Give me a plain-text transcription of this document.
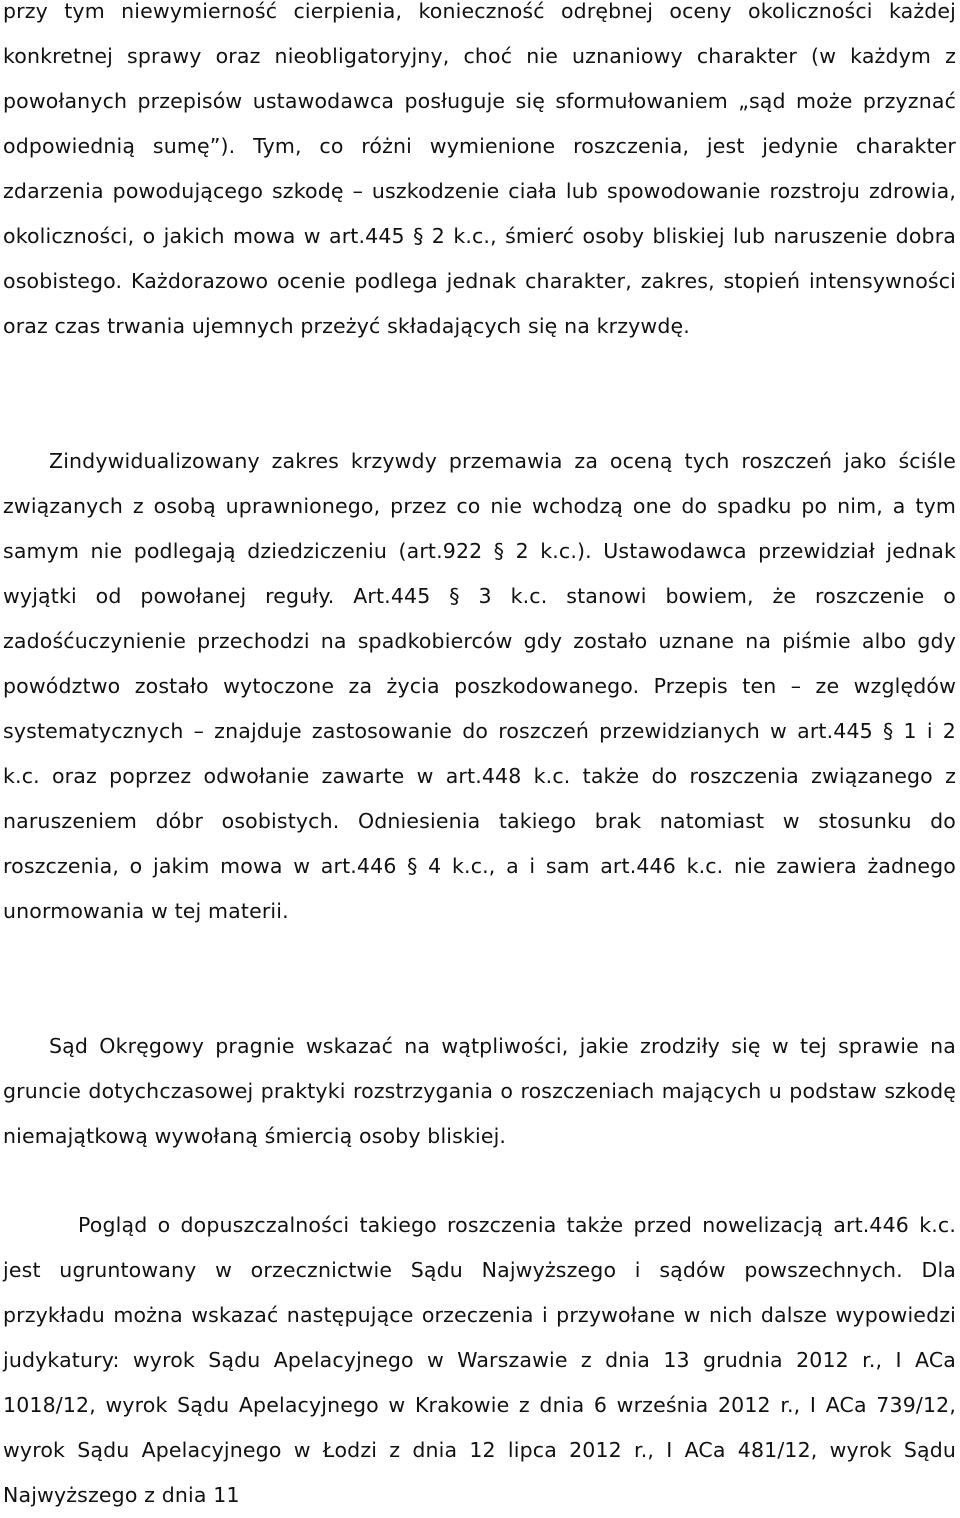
przy tym niewymierność cierpienia, konieczność odrębnej oceny okoliczności każdej konkretnej sprawy oraz nieobligatoryjny, choć nie uznaniowy charakter (w każdym z powołanych przepisów ustawodawca posługuje się sformułowaniem „sąd może przyznać odpowiednią sumę”). Tym, co różni wymienione roszczenia, jest jedynie charakter zdarzenia powodującego szkodę – uszkodzenie ciała lub spowodowanie rozstroju zdrowia, okoliczności, o jakich mowa w art.445 § 2 k.c., śmierć osoby bliskiej lub naruszenie dobra osobistego. Każdorazowo ocenie podlega jednak charakter, zakres, stopień intensywności oraz czas trwania ujemnych przeżyć składających się na krzywdę.

Zindywidualizowany zakres krzywdy przemawia za oceną tych roszczeń jako ściśle związanych z osobą uprawnionego, przez co nie wchodzą one do spadku po nim, a tym samym nie podlegają dziedziczeniu (art.922 § 2 k.c.). Ustawodawca przewidział jednak wyjątki od powołanej reguły. Art.445 § 3 k.c. stanowi bowiem, że roszczenie o zadośćuczynienie przechodzi na spadkobierców gdy zostało uznane na piśmie albo gdy powództwo zostało wytoczone za życia poszkodowanego. Przepis ten – ze względów systematycznych – znajduje zastosowanie do roszczeń przewidzianych w art.445 § 1 i 2 k.c. oraz poprzez odwołanie zawarte w art.448 k.c. także do roszczenia związanego z naruszeniem dóbr osobistych. Odniesienia takiego brak natomiast w stosunku do roszczenia, o jakim mowa w art.446 § 4 k.c., a i sam art.446 k.c. nie zawiera żadnego unormowania w tej materii.

Sąd Okręgowy pragnie wskazać na wątpliwości, jakie zrodziły się w tej sprawie na gruncie dotychczasowej praktyki rozstrzygania o roszczeniach mających u podstaw szkodę niemajątkową wywołaną śmiercią osoby bliskiej.

Pogląd o dopuszczalności takiego roszczenia także przed nowelizacją art.446 k.c. jest ugruntowany w orzecznictwie Sądu Najwyższego i sądów powszechnych. Dla przykładu można wskazać następujące orzeczenia i przywołane w nich dalsze wypowiedzi judykatury: wyrok Sądu Apelacyjnego w Warszawie z dnia 13 grudnia 2012 r., I ACa 1018/12, wyrok Sądu Apelacyjnego w Krakowie z dnia 6 września 2012 r., I ACa 739/12, wyrok Sądu Apelacyjnego w Łodzi z dnia 12 lipca 2012 r., I ACa 481/12, wyrok Sądu Najwyższego z dnia 11
